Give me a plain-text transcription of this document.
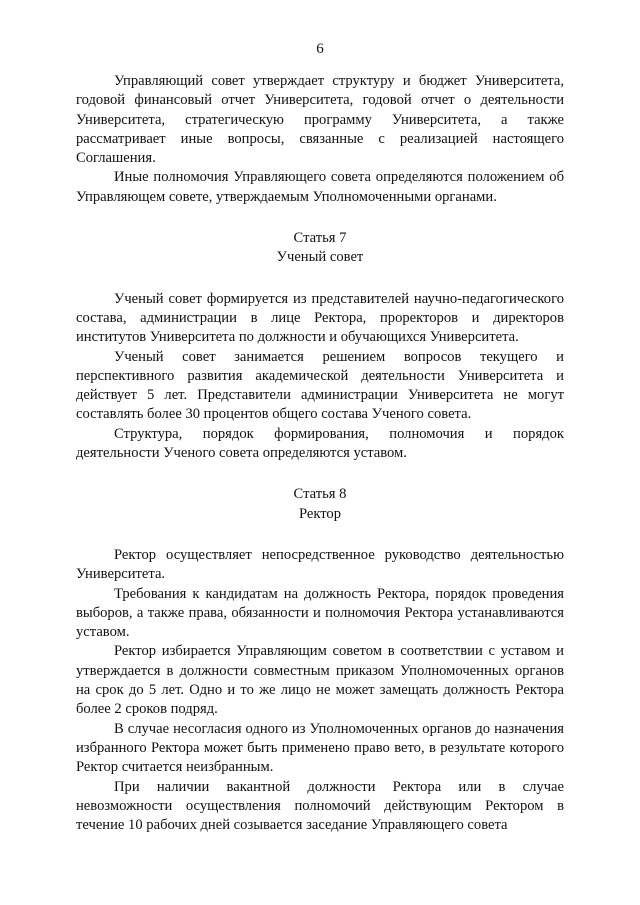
6

Управляющий совет утверждает структуру и бюджет Университета, годовой финансовый отчет Университета, годовой отчет о деятельности Университета, стратегическую программу Университета, а также рассматривает иные вопросы, связанные с реализацией настоящего Соглашения.

Иные полномочия Управляющего совета определяются положением об Управляющем совете, утверждаемым Уполномоченными органами.

Статья 7

Ученый совет

Ученый совет формируется из представителей научно-педагогического состава, администрации в лице Ректора, проректоров и директоров институтов Университета по должности и обучающихся Университета.

Ученый совет занимается решением вопросов текущего и перспективного развития академической деятельности Университета и действует 5 лет. Представители администрации Университета не могут составлять более 30 процентов общего состава Ученого совета.

Структура, порядок формирования, полномочия и порядок деятельности Ученого совета определяются уставом.

Статья 8

Ректор

Ректор осуществляет непосредственное руководство деятельностью Университета.

Требования к кандидатам на должность Ректора, порядок проведения выборов, а также права, обязанности и полномочия Ректора устанавливаются уставом.

Ректор избирается Управляющим советом в соответствии с уставом и утверждается в должности совместным приказом Уполномоченных органов на срок до 5 лет. Одно и то же лицо не может замещать должность Ректора более 2 сроков подряд.

В случае несогласия одного из Уполномоченных органов до назначения избранного Ректора может быть применено право вето, в результате которого Ректор считается неизбранным.

При наличии вакантной должности Ректора или в случае невозможности осуществления полномочий действующим Ректором в течение 10 рабочих дней созывается заседание Управляющего совета
